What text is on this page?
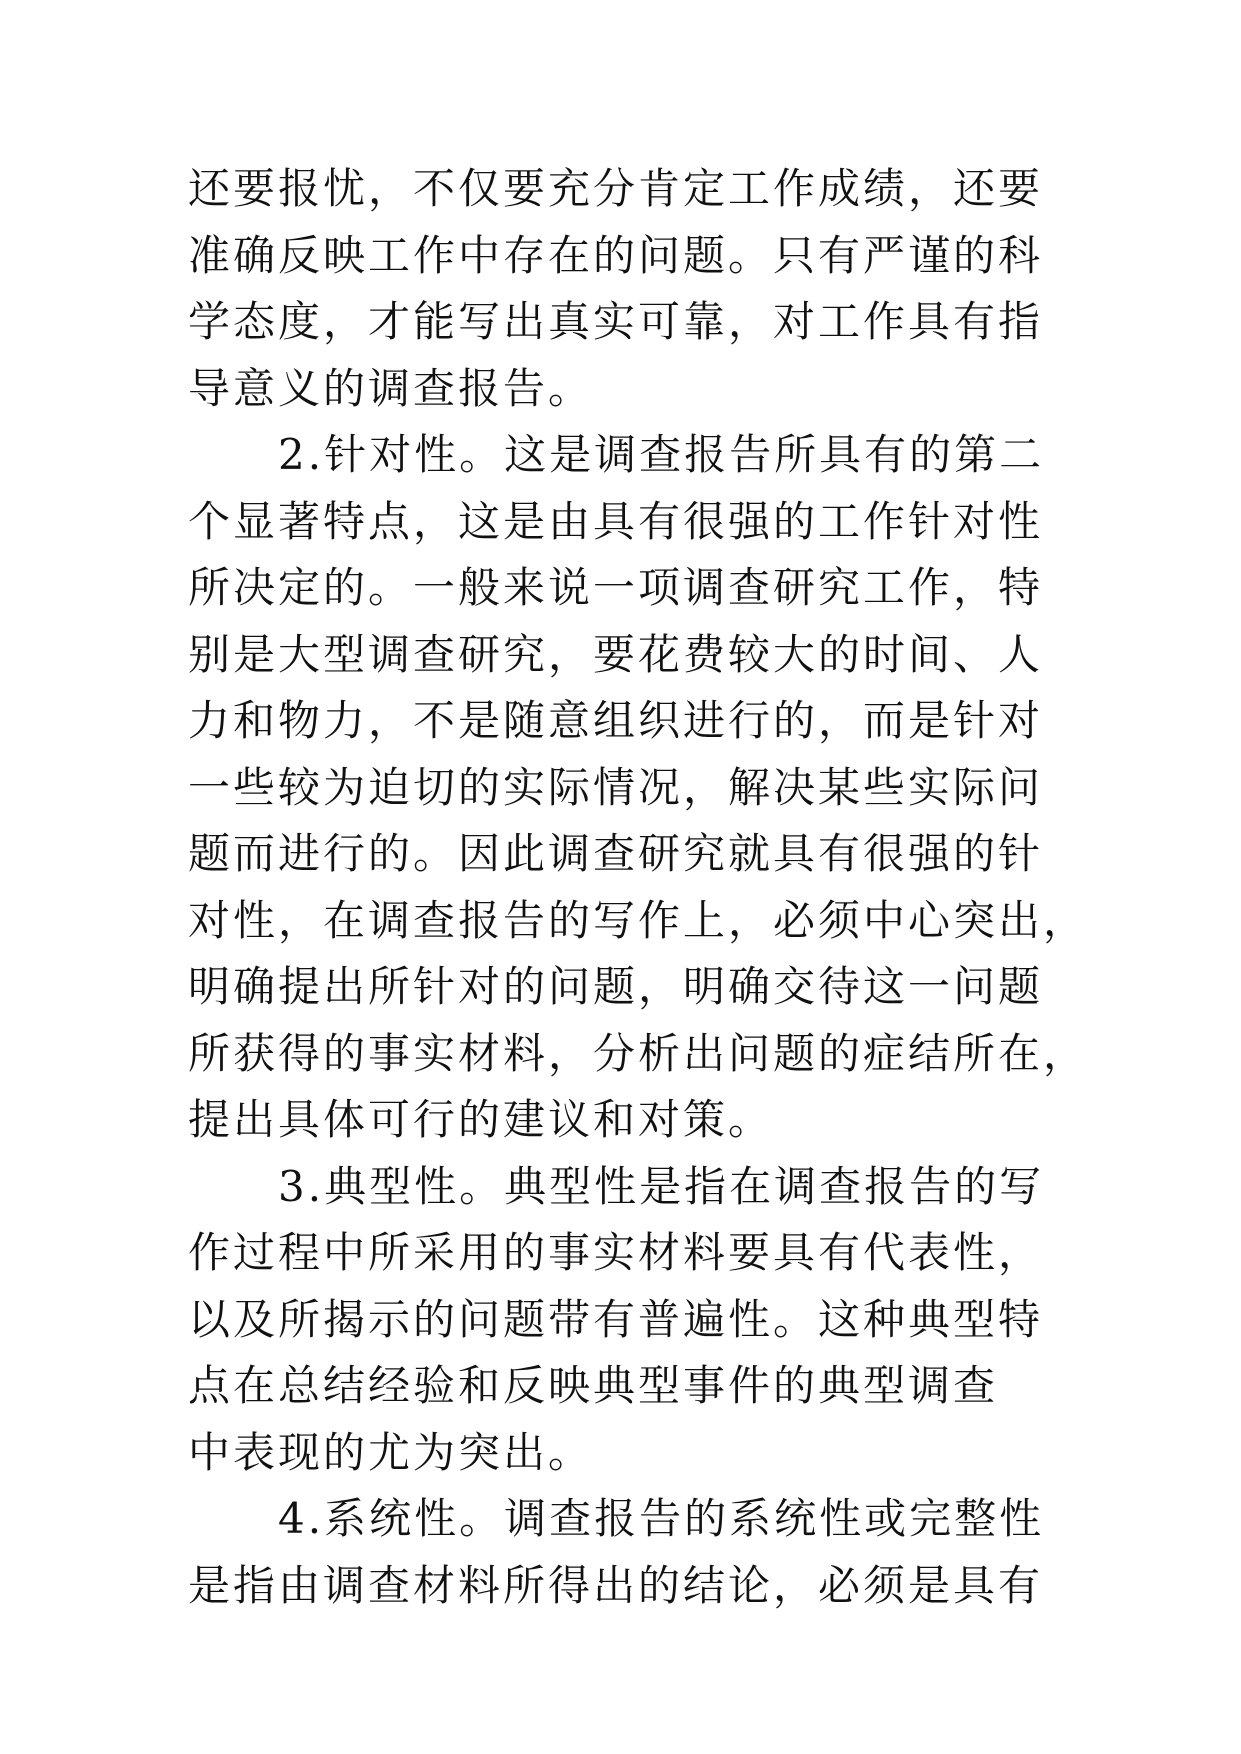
还要报忧，不仅要充分肯定工作成绩，还要
准确反映工作中存在的问题。只有严谨的科
学态度，才能写出真实可靠，对工作具有指
导意义的调查报告。
2.针对性。这是调查报告所具有的第二
个显著特点，这是由具有很强的工作针对性
所决定的。一般来说一项调查研究工作，特
别是大型调查研究，要花费较大的时间、人
力和物力，不是随意组织进行的，而是针对
一些较为迫切的实际情况，解决某些实际问
题而进行的。因此调查研究就具有很强的针
对性，在调查报告的写作上，必须中心突出，
明确提出所针对的问题，明确交待这一问题
所获得的事实材料，分析出问题的症结所在，
提出具体可行的建议和对策。
3.典型性。典型性是指在调查报告的写
作过程中所采用的事实材料要具有代表性，
以及所揭示的问题带有普遍性。这种典型特
点在总结经验和反映典型事件的典型调查
中表现的尤为突出。
4.系统性。调查报告的系统性或完整性
是指由调查材料所得出的结论，必须是具有
